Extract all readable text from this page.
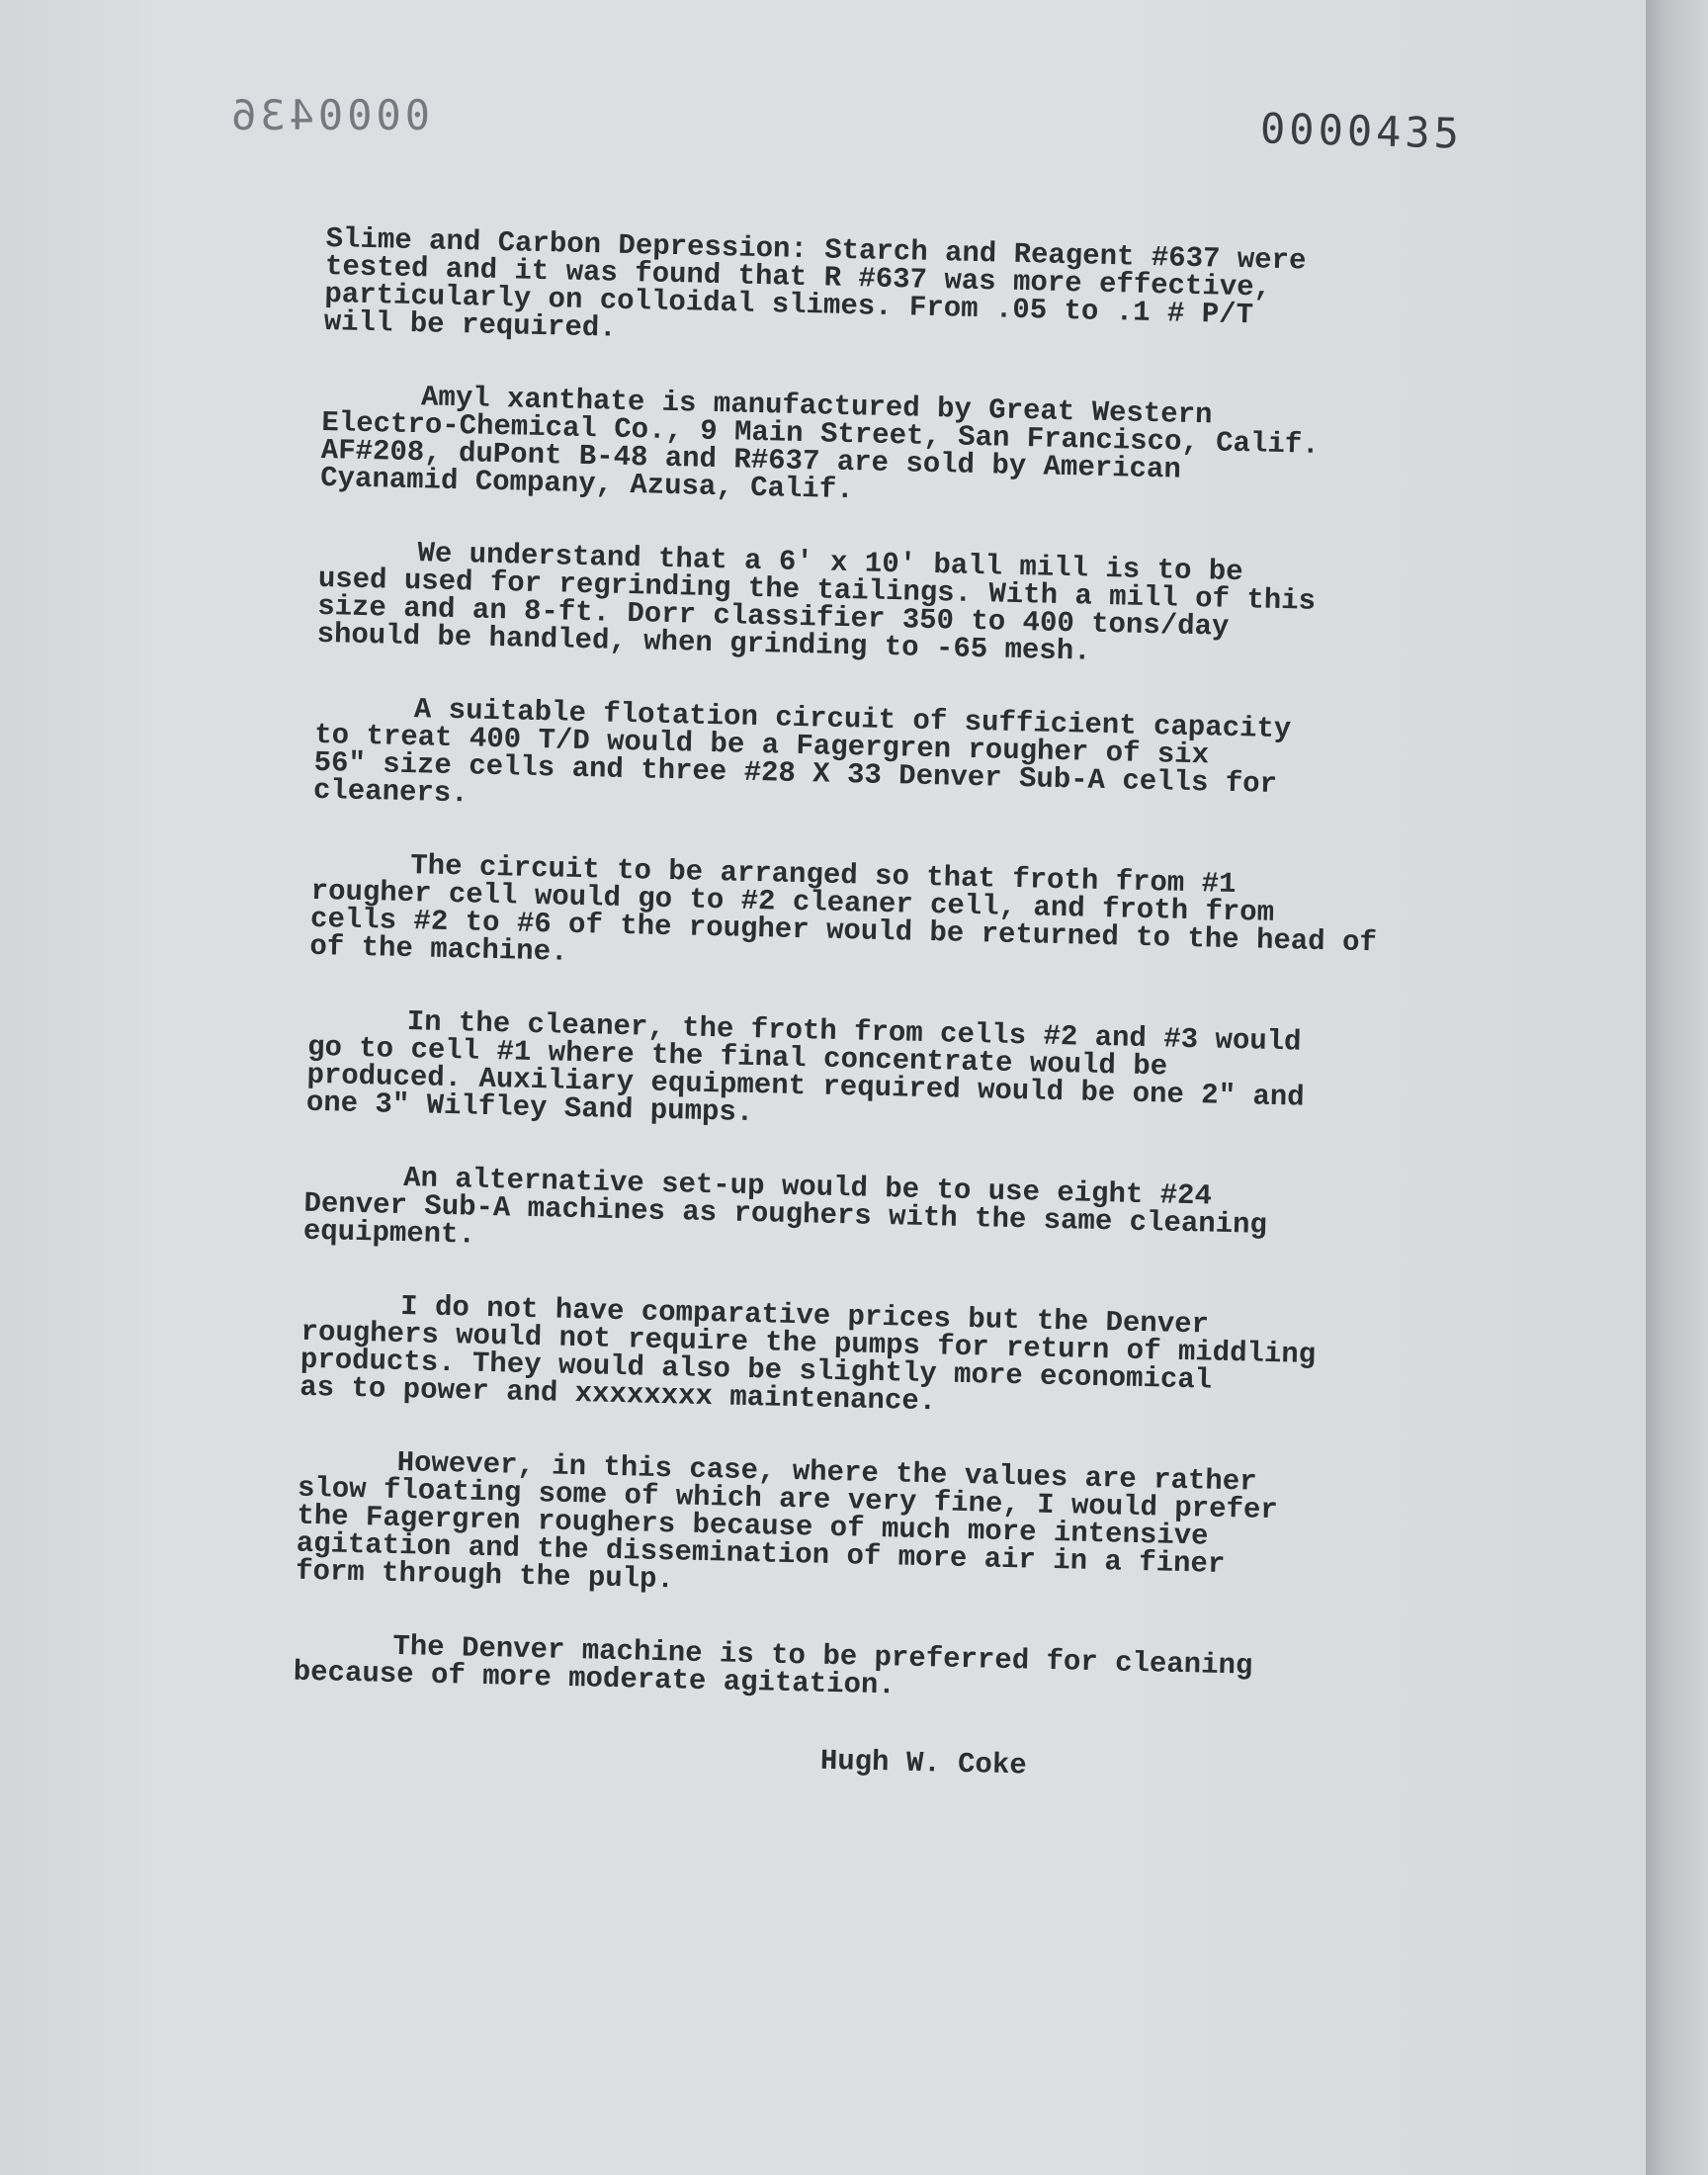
0000436	0000435

Slime and Carbon Depression: Starch and Reagent #637 were
tested and it was found that R #637 was more effective,
particularly on colloidal slimes. From .05 to .1 # P/T
will be required.

Amyl xanthate is manufactured by Great Western
Electro-Chemical Co., 9 Main Street, San Francisco, Calif.
AF#208, duPont B-48 and R#637 are sold by American
Cyanamid Company, Azusa, Calif.

We understand that a 6' x 10' ball mill is to be
used used for regrinding the tailings. With a mill of this
size and an 8-ft. Dorr classifier 350 to 400 tons/day
should be handled, when grinding to -65 mesh.

A suitable flotation circuit of sufficient capacity
to treat 400 T/D would be a Fagergren rougher of six
56" size cells and three #28 X 33 Denver Sub-A cells for
cleaners.

The circuit to be arranged so that froth from #1
rougher cell would go to #2 cleaner cell, and froth from
cells #2 to #6 of the rougher would be returned to the head of
of the machine.

In the cleaner, the froth from cells #2 and #3 would
go to cell #1 where the final concentrate would be
produced. Auxiliary equipment required would be one 2" and
one 3" Wilfley Sand pumps.

An alternative set-up would be to use eight #24
Denver Sub-A machines as roughers with the same cleaning
equipment.

I do not have comparative prices but the Denver
roughers would not require the pumps for return of middling
products. They would also be slightly more economical
as to power and xxxxxxxx maintenance.

However, in this case, where the values are rather
slow floating some of which are very fine, I would prefer
the Fagergren roughers because of much more intensive
agitation and the dissemination of more air in a finer
form through the pulp.

The Denver machine is to be preferred for cleaning
because of more moderate agitation.

Hugh W. Coke
